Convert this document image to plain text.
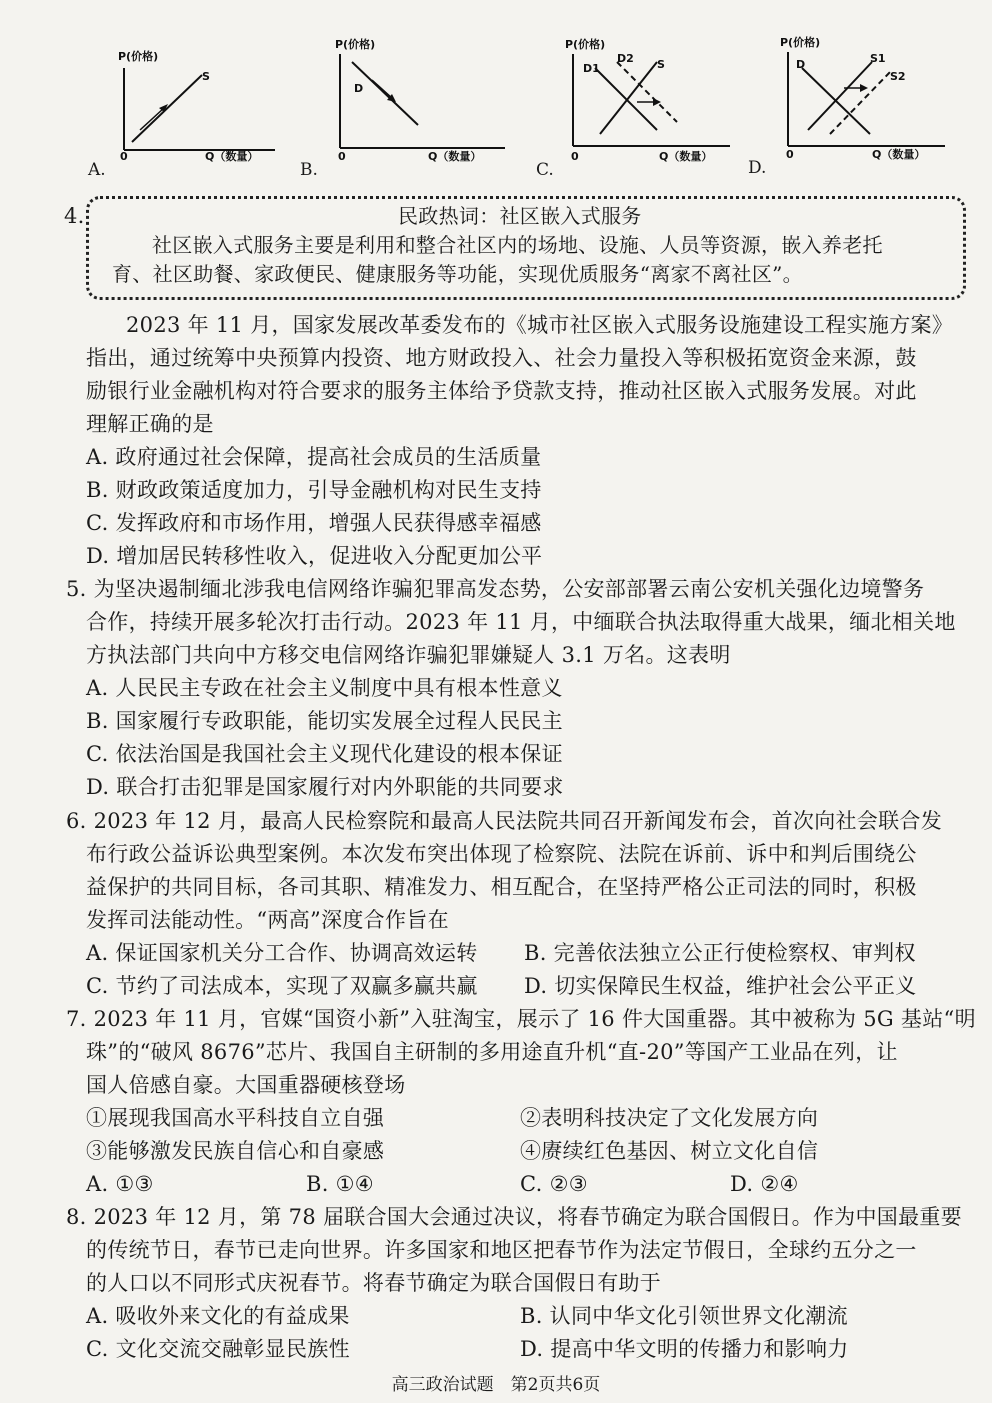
P(价格)
S
0	Q（数量）
A.
P(价格)
D
0	Q（数量）
B.
P(价格)
D1
D2 S
0	Q（数量）
C.
P(价格)
D	S1
S2
0	Q（数量）
D.
4.	民政热词：社区嵌入式服务
社区嵌入式服务主要是利用和整合社区内的场地、设施、人员等资源，嵌入养老托
育、社区助餐、家政便民、健康服务等功能，实现优质服务“离家不离社区”。
2023 年 11 月，国家发展改革委发布的《城市社区嵌入式服务设施建设工程实施方案》
指出，通过统筹中央预算内投资、地方财政投入、社会力量投入等积极拓宽资金来源，鼓
励银行业金融机构对符合要求的服务主体给予贷款支持，推动社区嵌入式服务发展。对此
理解正确的是
A. 政府通过社会保障，提高社会成员的生活质量
B. 财政政策适度加力，引导金融机构对民生支持
C. 发挥政府和市场作用，增强人民获得感幸福感
D. 增加居民转移性收入，促进收入分配更加公平
5. 为坚决遏制缅北涉我电信网络诈骗犯罪高发态势，公安部部署云南公安机关强化边境警务
合作，持续开展多轮次打击行动。2023 年 11 月，中缅联合执法取得重大战果，缅北相关地
方执法部门共向中方移交电信网络诈骗犯罪嫌疑人 3.1 万名。这表明
A. 人民民主专政在社会主义制度中具有根本性意义
B. 国家履行专政职能，能切实发展全过程人民民主
C. 依法治国是我国社会主义现代化建设的根本保证
D. 联合打击犯罪是国家履行对内外职能的共同要求
6. 2023 年 12 月，最高人民检察院和最高人民法院共同召开新闻发布会，首次向社会联合发
布行政公益诉讼典型案例。本次发布突出体现了检察院、法院在诉前、诉中和判后围绕公
益保护的共同目标，各司其职、精准发力、相互配合，在坚持严格公正司法的同时，积极
发挥司法能动性。“两高”深度合作旨在
A. 保证国家机关分工合作、协调高效运转 B. 完善依法独立公正行使检察权、审判权
C. 节约了司法成本，实现了双赢多赢共赢 D. 切实保障民生权益，维护社会公平正义
7. 2023 年 11 月，官媒“国资小新”入驻淘宝，展示了 16 件大国重器。其中被称为 5G 基站“明
珠”的“破风 8676”芯片、我国自主研制的多用途直升机“直-20”等国产工业品在列，让
国人倍感自豪。大国重器硬核登场
①展现我国高水平科技自立自强	②表明科技决定了文化发展方向
③能够激发民族自信心和自豪感	④赓续红色基因、树立文化自信
A. ①③	B. ①④	C. ②③	D. ②④
8. 2023 年 12 月，第 78 届联合国大会通过决议，将春节确定为联合国假日。作为中国最重要
的传统节日，春节已走向世界。许多国家和地区把春节作为法定节假日，全球约五分之一
的人口以不同形式庆祝春节。将春节确定为联合国假日有助于
A. 吸收外来文化的有益成果	B. 认同中华文化引领世界文化潮流
C. 文化交流交融彰显民族性	D. 提高中华文明的传播力和影响力
高三政治试题　第2页共6页
